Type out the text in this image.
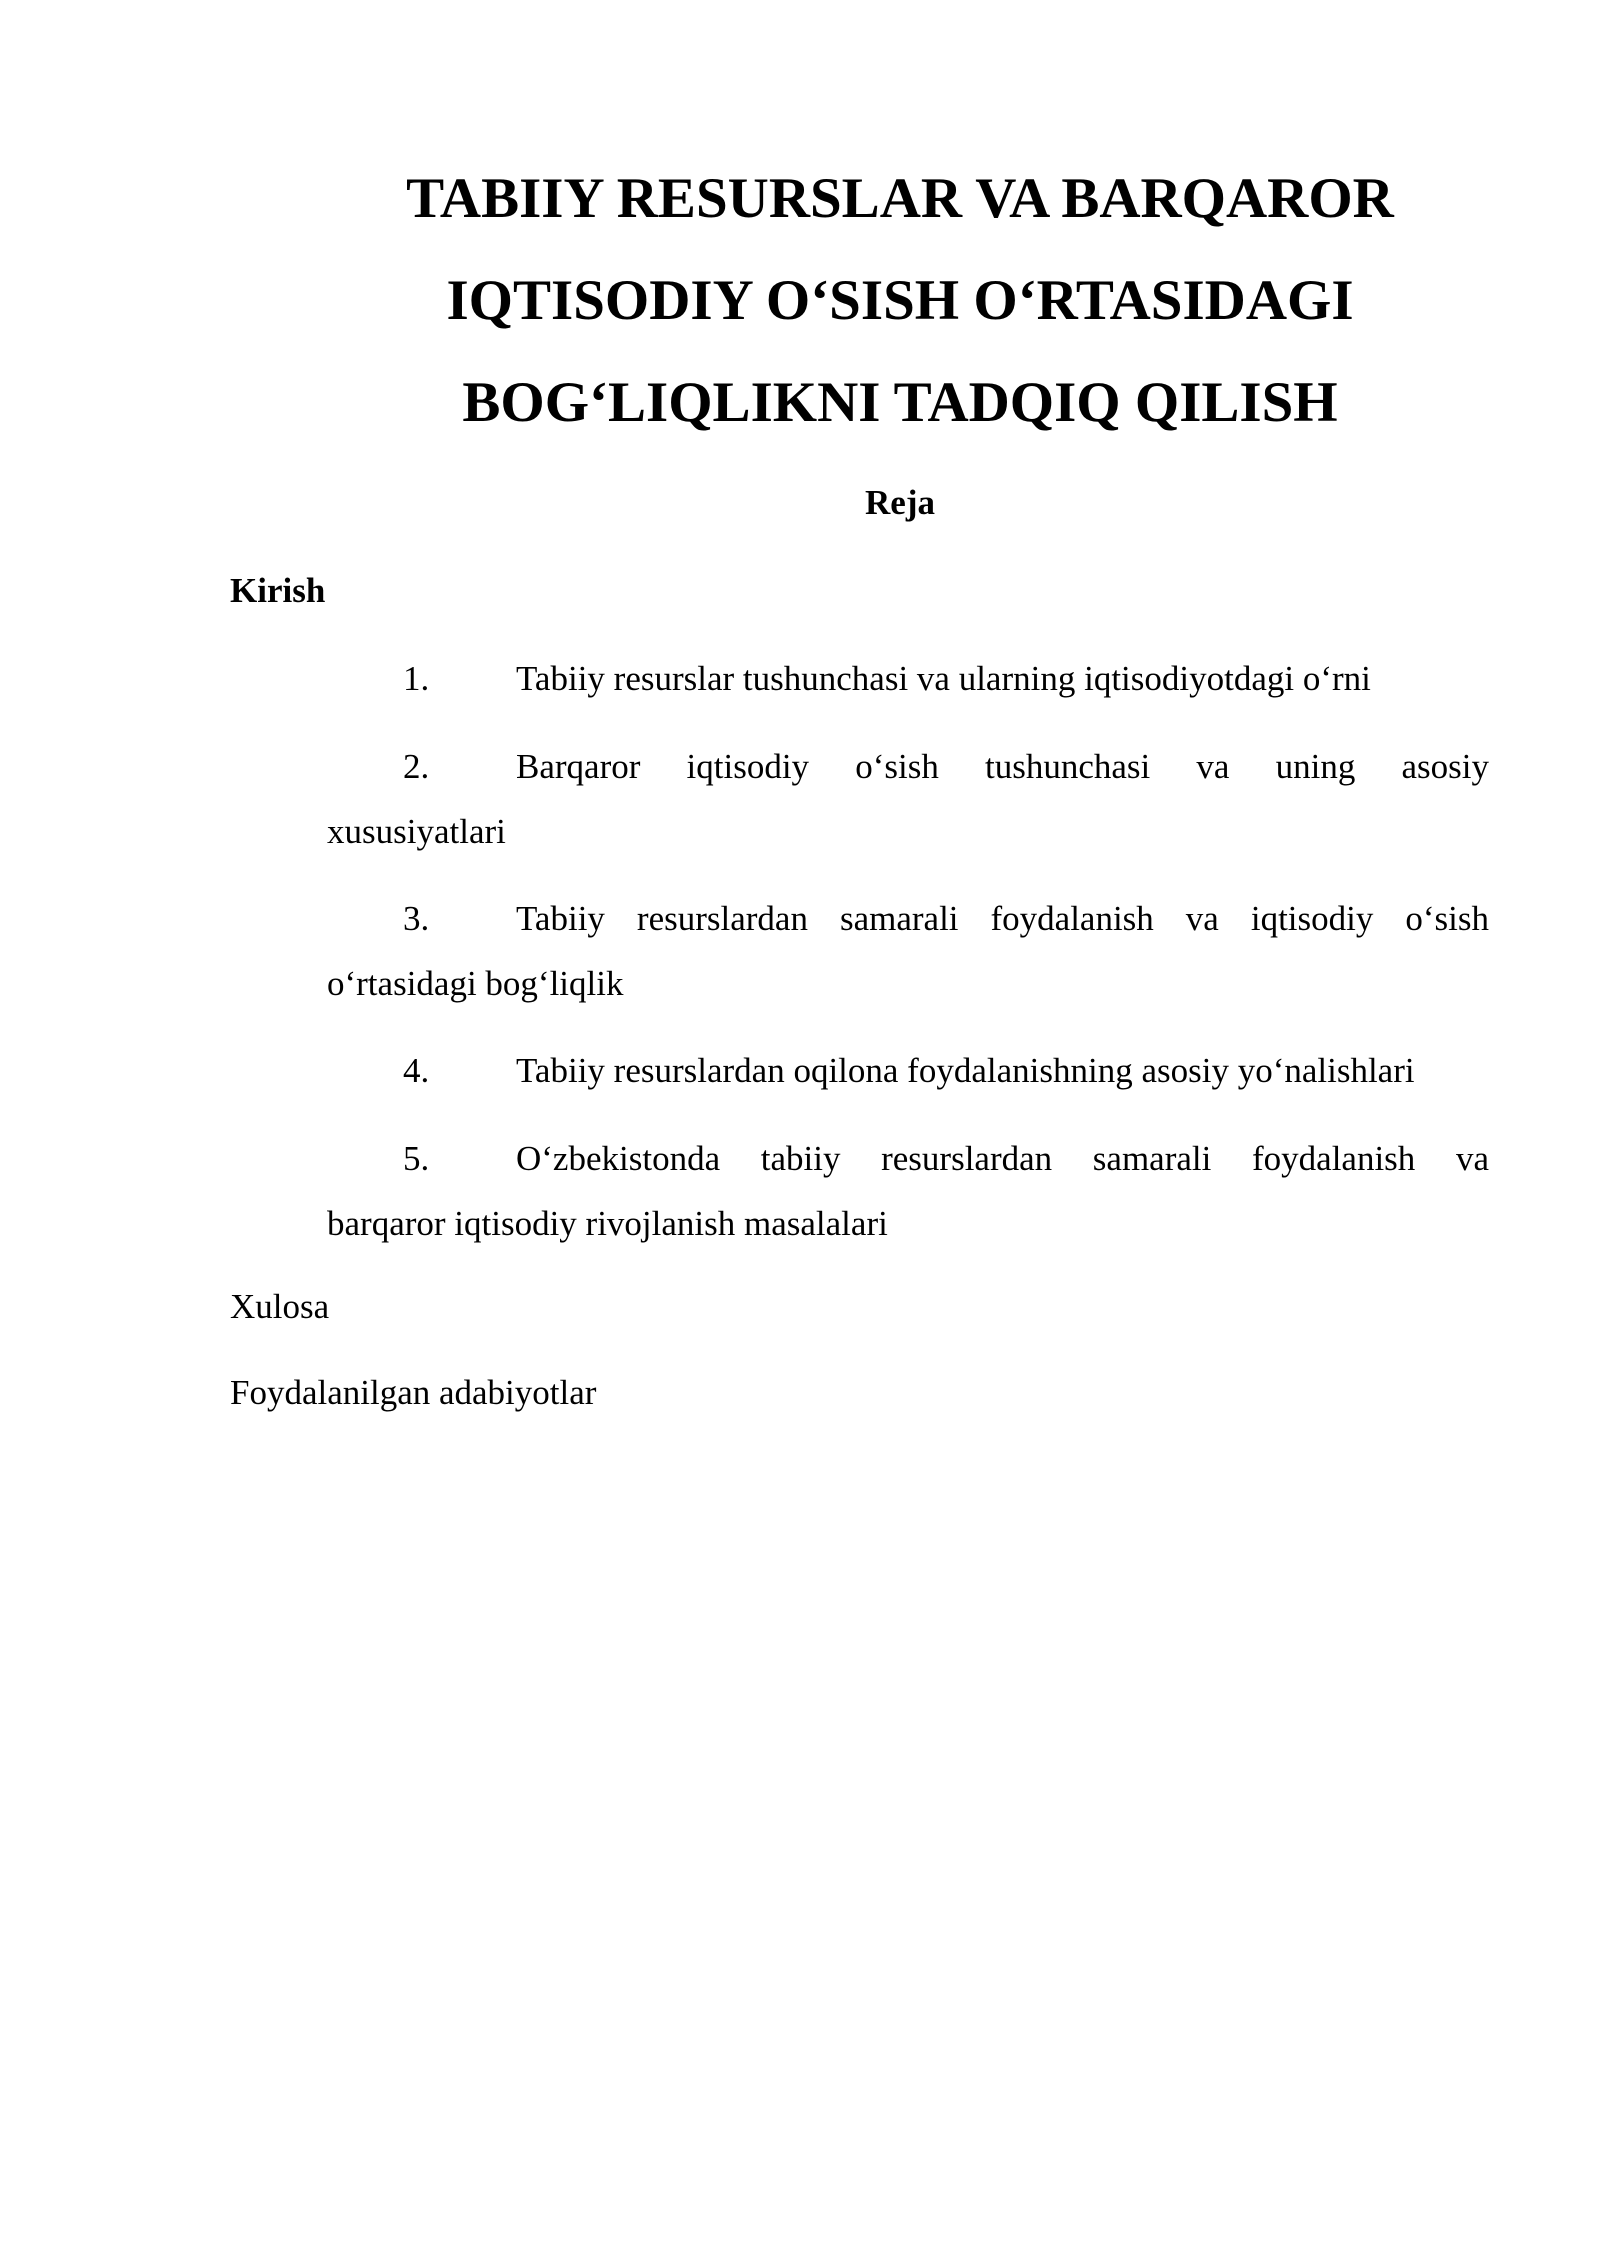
TABIIY RESURSLAR VA BARQAROR
IQTISODIY O‘SISH O‘RTASIDAGI
BOG‘LIQLIKNI TADQIQ QILISH
Reja
Kirish
1. Tabiiy resurslar tushunchasi va ularning iqtisodiyotdagi o‘rni
2. Barqaror iqtisodiy o‘sish tushunchasi va uning asosiy
xususiyatlari
3. Tabiiy resurslardan samarali foydalanish va iqtisodiy o‘sish
o‘rtasidagi bog‘liqlik
4. Tabiiy resurslardan oqilona foydalanishning asosiy yo‘nalishlari
5. O‘zbekistonda tabiiy resurslardan samarali foydalanish va
barqaror iqtisodiy rivojlanish masalalari
Xulosa
Foydalanilgan adabiyotlar
